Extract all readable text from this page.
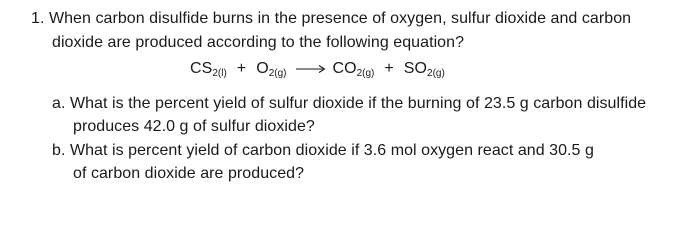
1. When carbon disulfide burns in the presence of oxygen, sulfur dioxide and carbon
dioxide are produced according to the following equation?
CS2(l) + O2(g) → CO2(g) + SO2(g)
a. What is the percent yield of sulfur dioxide if the burning of 23.5 g carbon disulfide
produces 42.0 g of sulfur dioxide?
b. What is percent yield of carbon dioxide if 3.6 mol oxygen react and 30.5 g
of carbon dioxide are produced?
